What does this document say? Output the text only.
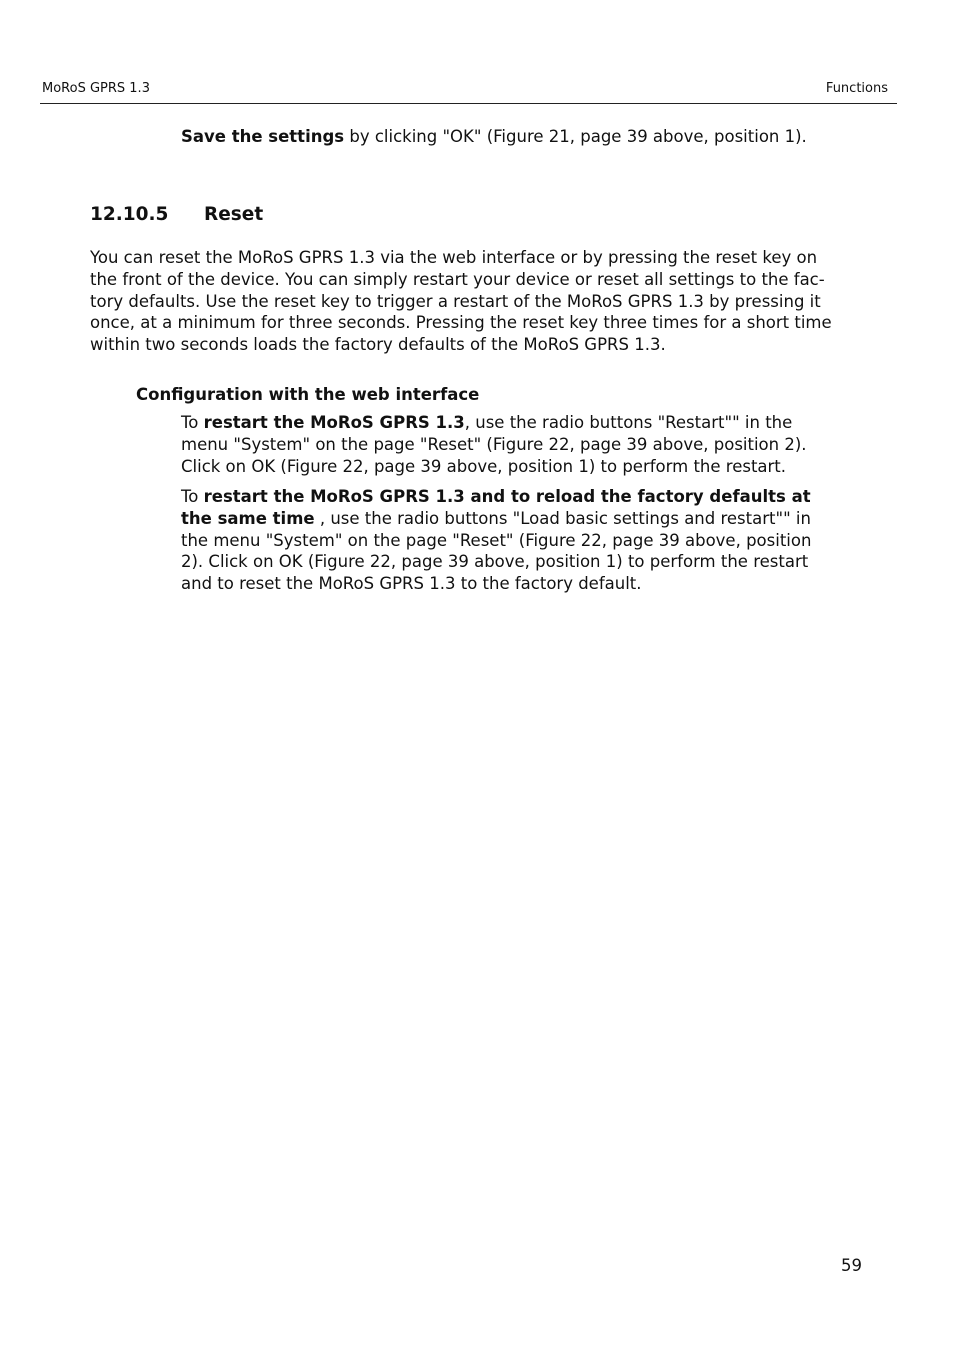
MoRoS GPRS 1.3	Functions

Save the settings by clicking "OK" (Figure 21, page 39 above, position 1).

12.10.5 Reset

You can reset the MoRoS GPRS 1.3 via the web interface or by pressing the reset key on the front of the device. You can simply restart your device or reset all settings to the fac-tory defaults. Use the reset key to trigger a restart of the MoRoS GPRS 1.3 by pressing it once, at a minimum for three seconds. Pressing the reset key three times for a short time within two seconds loads the factory defaults of the MoRoS GPRS 1.3.

Configuration with the web interface

To restart the MoRoS GPRS 1.3, use the radio buttons "Restart"" in the menu "System" on the page "Reset" (Figure 22, page 39 above, position 2). Click on OK (Figure 22, page 39 above, position 1) to perform the restart.

To restart the MoRoS GPRS 1.3 and to reload the factory defaults at the same time , use the radio buttons "Load basic settings and restart"" in the menu "System" on the page "Reset" (Figure 22, page 39 above, position 2). Click on OK (Figure 22, page 39 above, position 1) to perform the restart and to reset the MoRoS GPRS 1.3 to the factory default.

59
